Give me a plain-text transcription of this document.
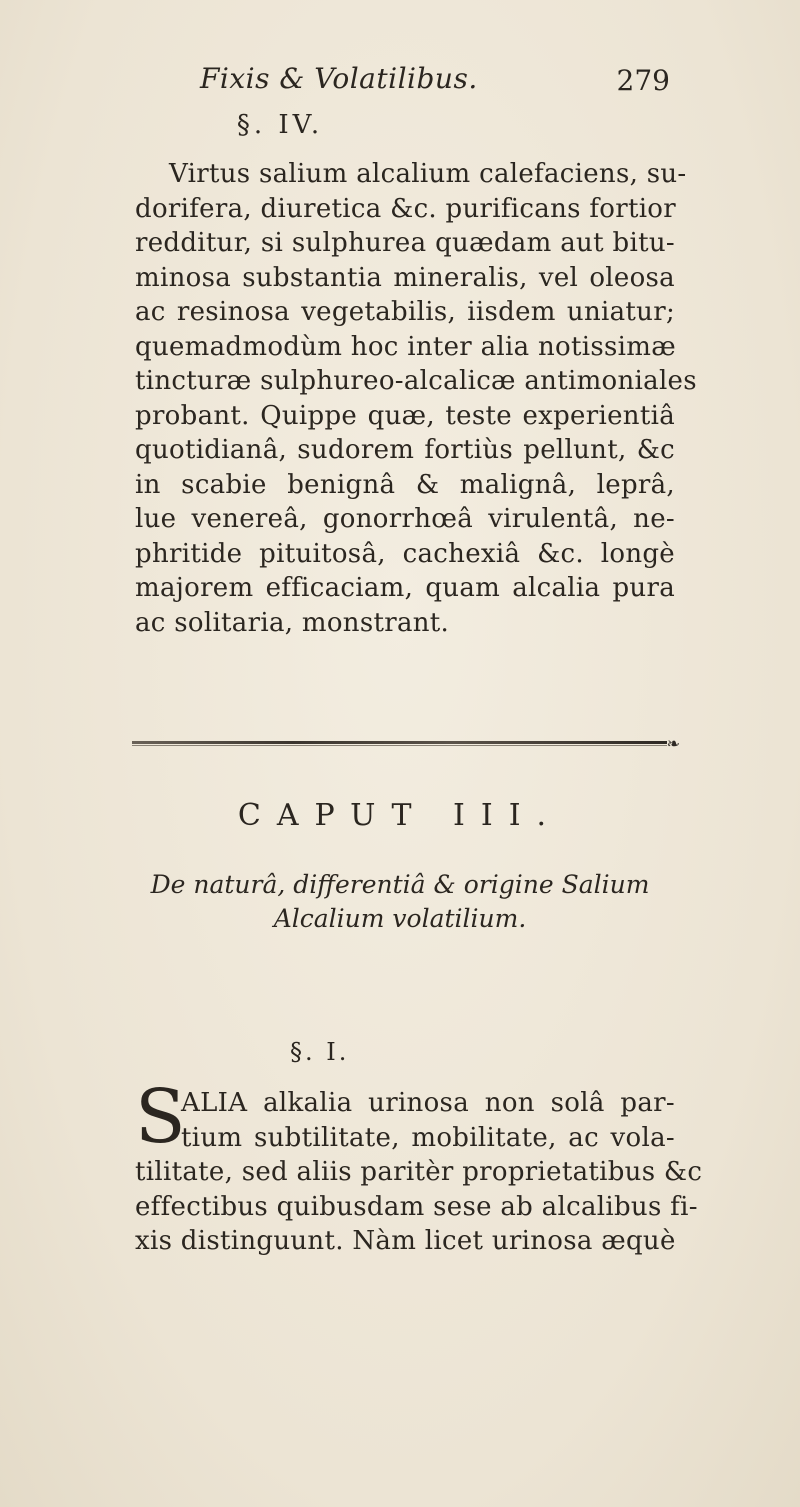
Fixis & Volatilibus.	279
§. IV.
Virtus salium alcalium calefaciens, su-
dorifera, diuretica &c. purificans fortior
redditur, si sulphurea quædam aut bitu-
minosa substantia mineralis, vel oleosa
ac resinosa vegetabilis, iisdem uniatur;
quemadmodùm hoc inter alia notissimæ
tincturæ sulphureo-alcalicæ antimoniales
probant. Quippe quæ, teste experientiâ
quotidianâ, sudorem fortiùs pellunt, &c
in scabie benignâ & malignâ, leprâ,
lue venereâ, gonorrhœâ virulentâ, ne-
phritide pituitosâ, cachexiâ &c. longè
majorem efficaciam, quam alcalia pura
ac solitaria, monstrant.
❧
CAPUT III.
De naturâ, differentiâ & origine Salium
Alcalium volatilium.
§. I.
S
ALIA alkalia urinosa non solâ par-
tium subtilitate, mobilitate, ac vola-
tilitate, sed aliis paritèr proprietatibus &c
effectibus quibusdam sese ab alcalibus fi-
xis distinguunt. Nàm licet urinosa æquè
